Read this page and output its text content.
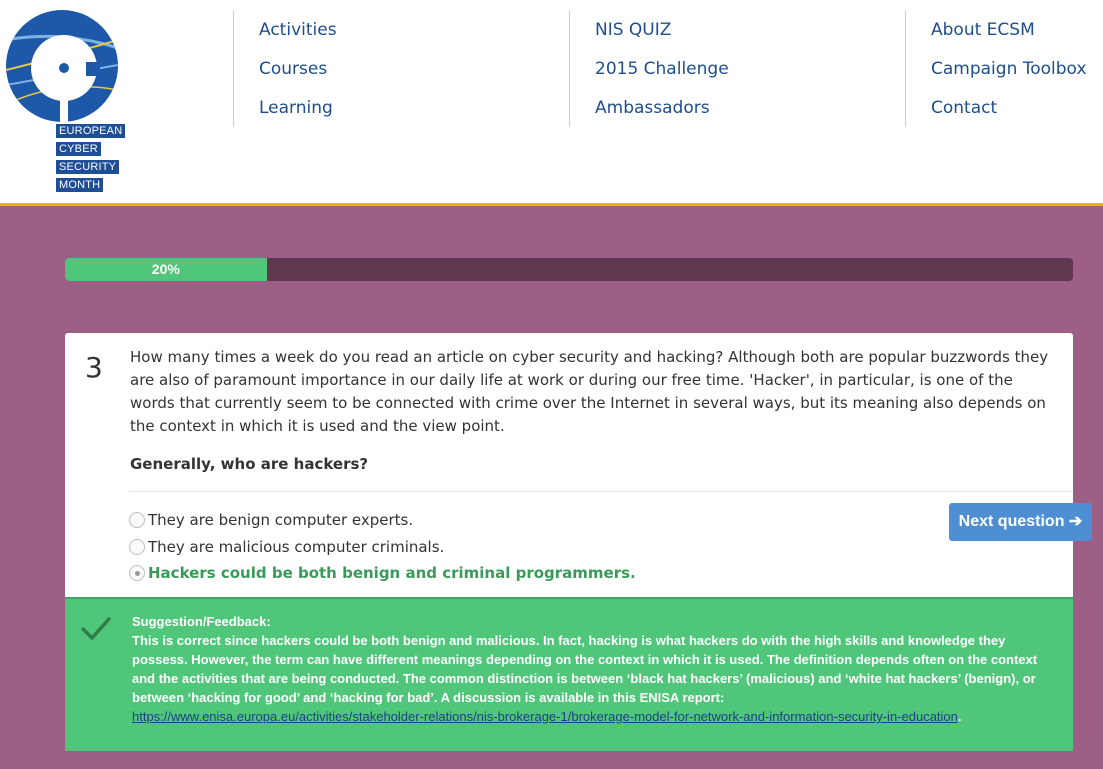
EUROPEAN
CYBER
SECURITY
MONTH
Activities
Courses
Learning
NIS QUIZ
2015 Challenge
Ambassadors
About ECSM
Campaign Toolbox
Contact
20%
3 How many times a week do you read an article on cyber security and hacking? Although both are popular buzzwords they are also of paramount importance in our daily life at work or during our free time. 'Hacker', in particular, is one of the words that currently seem to be connected with crime over the Internet in several ways, but its meaning also depends on the context in which it is used and the view point.
Generally, who are hackers?
They are benign computer experts.
They are malicious computer criminals.
Hackers could be both benign and criminal programmers.
Next question ➔
Suggestion/Feedback:
This is correct since hackers could be both benign and malicious. In fact, hacking is what hackers do with the high skills and knowledge they possess. However, the term can have different meanings depending on the context in which it is used. The definition depends often on the context and the activities that are being conducted. The common distinction is between ‘black hat hackers’ (malicious) and ‘white hat hackers’ (benign), or between ‘hacking for good’ and ‘hacking for bad’. A discussion is available in this ENISA report:
https://www.enisa.europa.eu/activities/stakeholder-relations/nis-brokerage-1/brokerage-model-for-network-and-information-security-in-education.
